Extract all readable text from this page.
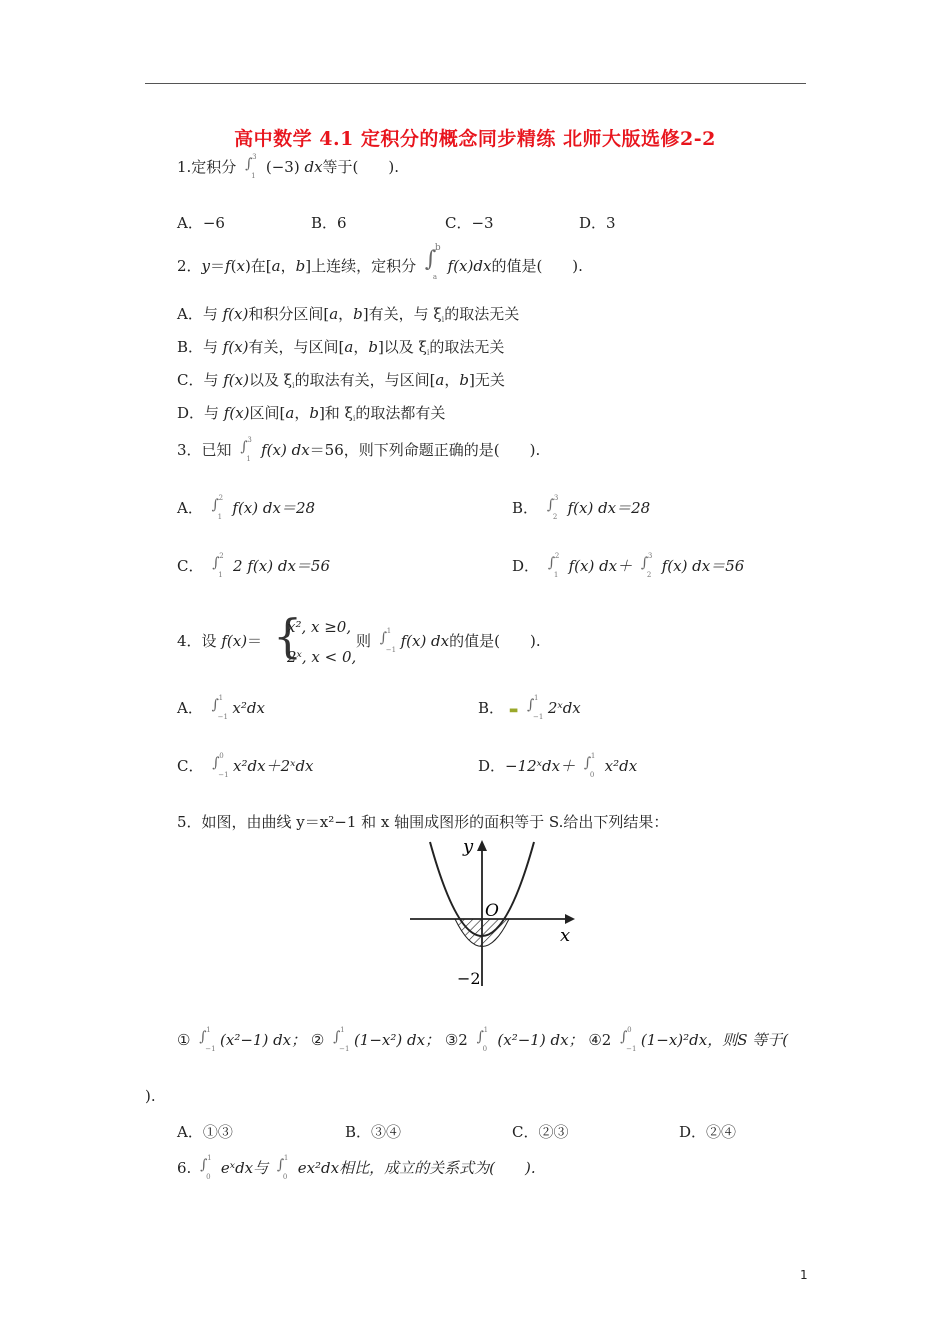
高中数学 4.1 定积分的概念同步精练 北师大版选修2-2
1.定积分 ∫ 3
1 (−3) dx等于(　　).
A．−6	B．6	C．−3	D．3
2．y＝f(x)在[a，b]上连续，定积分 ∫
b
a
f(x)dx的值是(　　).
A．与 f(x)和积分区间[a，b]有关，与 $\xi_i$的取法无关
B．与 f(x)有关，与区间[a，b]以及 $\xi_i$的取法无关
C．与 f(x)以及 $\xi_i$的取法有关，与区间[a，b]无关
D．与 f(x)区间[a，b]和 $\xi_i$的取法都有关
3．已知 ∫ 3
1 f(x) dx＝56，则下列命题正确的是(　　).
A． ∫ 2
1 f(x) dx＝28	B． ∫ 3
2 f(x) dx＝28
C． ∫ 2
1 2 f(x) dx＝56	D． ∫ 2
1 f(x) dx＋ ∫ 3
2 f(x) dx＝56
4．设 f(x)＝ {
x², x ≥0,
2ˣ, x < 0,
则 ∫ 1
−1 f(x) dx的值是(　　).
A． ∫ 1
−1 x²dx	B． ▬ ∫ 1
−1 2ˣdx
C． ∫ 0
−1 x²dx＋2ˣdx	D．−12ˣdx＋ ∫ 1
0 x²dx
5．如图，由曲线 y＝x²−1 和 x 轴围成图形的面积等于 S.给出下列结果：
y
x
O
−2
① ∫ 1
−1 (x²−1) dx； ② ∫ 1
−1 (1−x²) dx； ③2 ∫ 1
0 (x²−1) dx； ④2 ∫ 0
−1 (1−x)²dx，则S 等于(
).
A．①③	B．③④	C．②③	D．②④
6. ∫ 1
0 eˣdx与 ∫ 1
0 ex²dx相比，成立的关系式为(　　).
1
